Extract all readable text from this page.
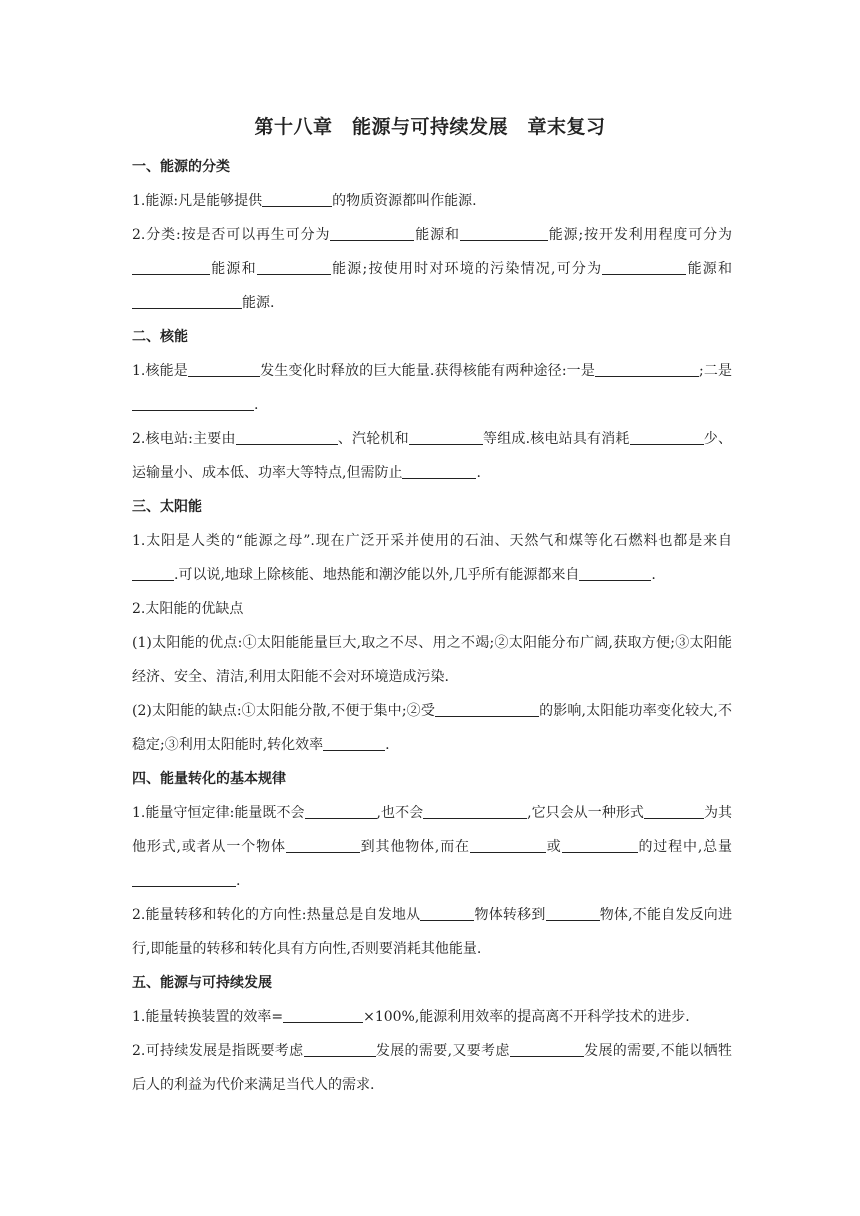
第十八章　能源与可持续发展　章末复习
一、能源的分类
1.能源:凡是能够提供	的物质资源都叫作能源.
2.分类:按是否可以再生可分为	能源和	能源;按开发利用程度可分为能源和	能源;按使用时对环境的污染情况,可分为	能源和能源.
二、核能
1.核能是	发生变化时释放的巨大能量.获得核能有两种途径:一是	;二是.
2.核电站:主要由	、汽轮机和	等组成.核电站具有消耗	少、运输量小、成本低、功率大等特点,但需防止	.
三、太阳能
1.太阳是人类的“能源之母”.现在广泛开采并使用的石油、天然气和煤等化石燃料也都是来自.可以说,地球上除核能、地热能和潮汐能以外,几乎所有能源都来自	.
2.太阳能的优缺点
(1)太阳能的优点:①太阳能能量巨大,取之不尽、用之不竭;②太阳能分布广阔,获取方便;③太阳能经济、安全、清洁,利用太阳能不会对环境造成污染.
(2)太阳能的缺点:①太阳能分散,不便于集中;②受	的影响,太阳能功率变化较大,不稳定;③利用太阳能时,转化效率	.
四、能量转化的基本规律
1.能量守恒定律:能量既不会	,也不会	,它只会从一种形式	为其他形式,或者从一个物体	到其他物体,而在	或	的过程中,总量.
2.能量转移和转化的方向性:热量总是自发地从	物体转移到	物体,不能自发反向进行,即能量的转移和转化具有方向性,否则要消耗其他能量.
五、能源与可持续发展
1.能量转换装置的效率=	×100%,能源利用效率的提高离不开科学技术的进步.
2.可持续发展是指既要考虑	发展的需要,又要考虑	发展的需要,不能以牺牲后人的利益为代价来满足当代人的需求.
